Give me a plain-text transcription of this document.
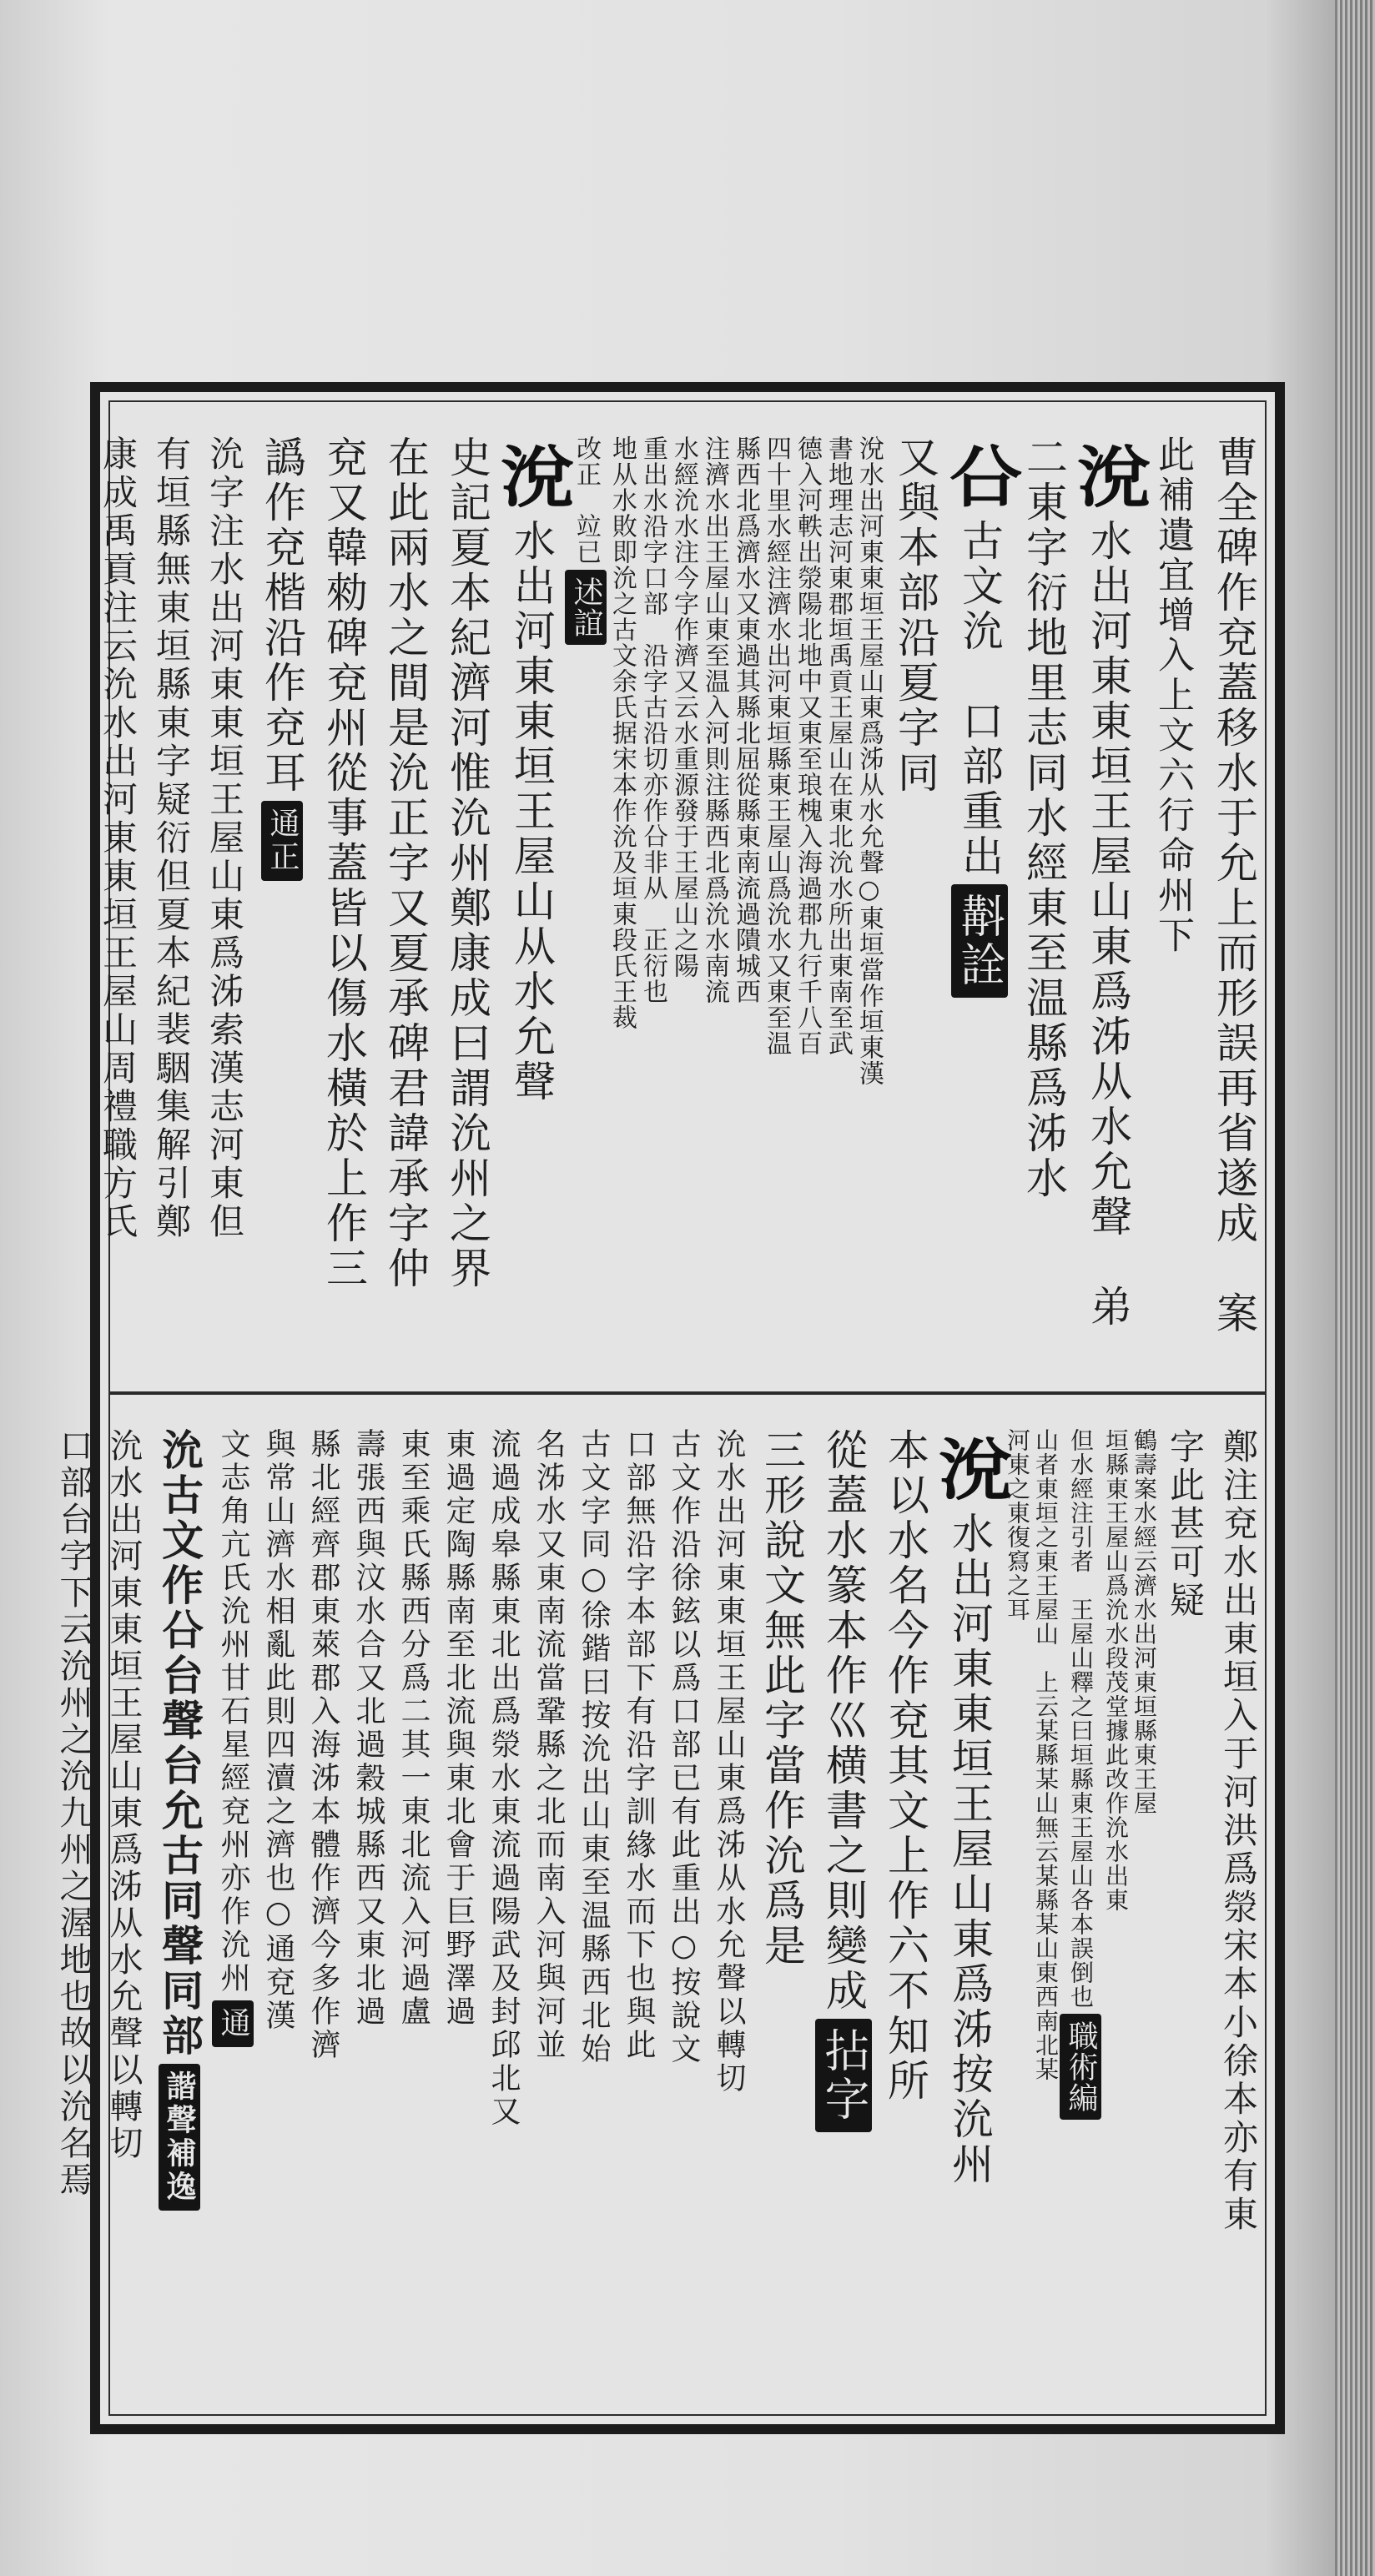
曹全碑作兗蓋移水于允上而形誤再省遂成　案
此補遺宜增入上文六行命州下
涗水出河東東垣王屋山東爲泲从水允聲　弟
二東字衍地里志同水經東至温縣爲泲水
㕣古文沇　口部重出斠詮
又與本部沿夏字同
涗水出河東東垣王屋山東爲泲从水允聲○東垣當作垣東漢
書地理志河東郡垣禹貢王屋山在東北沇水所出東南至武
德入河軼出滎陽北地中又東至琅槐入海過郡九行千八百
四十里水經注濟水出河東垣縣東王屋山爲沇水又東至温
縣西北爲濟水又東過其縣北屈從縣東南流過隤城西
注濟水出王屋山東至温入河則注縣西北爲沇水南流
水經沇水注今字作濟又云水重源發于王屋山之陽
重出水沿字口部　沿字古沿切亦作㕣非从　正衍也
地从水敗即沇之古文余氏据宋本作沇及垣東段氏王裁
改正　竝已述誼
涗水出河東東垣王屋山从水允聲
史記夏本紀濟河惟沇州鄭康成曰謂沇州之界
在此兩水之間是沇正字又夏承碑君諱承字仲
兗又韓勑碑兗州從事蓋皆以傷水橫於上作三
譌作兗楷沿作兗耳通正
沇字注水出河東東垣王屋山東爲泲索漢志河東但
有垣縣無東垣縣東字疑衍但夏本紀裴駰集解引鄭
康成禹貢注云沇水出河東東垣王屋山周禮職方氏
鄭注兗水出東垣入于河洪爲滎宋本小徐本亦有東
字此甚可疑
鶴壽案水經云濟水出河東垣縣東王屋
垣縣東王屋山爲沇水段茂堂據此改作沇水出東
但水經注引者　王屋山釋之曰垣縣東王屋山各本誤倒也職術編
山者東垣之東王屋山　上云某縣某山無云某縣某山東西南北某
河東之東復寫之耳
涗水出河東東垣王屋山東爲泲按沇州
本以水名今作兗其文上作六不知所
從蓋水篆本作巛横書之則變成拈字
三形說文無此字當作沇爲是
沇水出河東東垣王屋山東爲泲从水允聲以轉切
古文作沿徐鉉以爲口部已有此重出○按說文
口部無沿字本部下有沿字訓緣水而下也與此
古文字同○徐鍇曰按沇出山東至温縣西北始
名泲水又東南流當鞏縣之北而南入河與河並
流過成皋縣東北出爲滎水東流過陽武及封邱北又
東過定陶縣南至北流與東北會于巨野澤過
東至乘氏縣西分爲二其一東北流入河過盧
壽張西與汶水合又北過穀城縣西又東北過
縣北經齊郡東萊郡入海泲本體作濟今多作濟
與常山濟水相亂此則四瀆之濟也○通兗漢
文志角亢氏沇州甘石星經兗州亦作沇州通
沇古文作㕣台聲台允古同聲同部諧聲補逸
沇水出河東東垣王屋山東爲泲从水允聲以轉切
口部台字下云沇州之沇九州之渥地也故以沇名焉
